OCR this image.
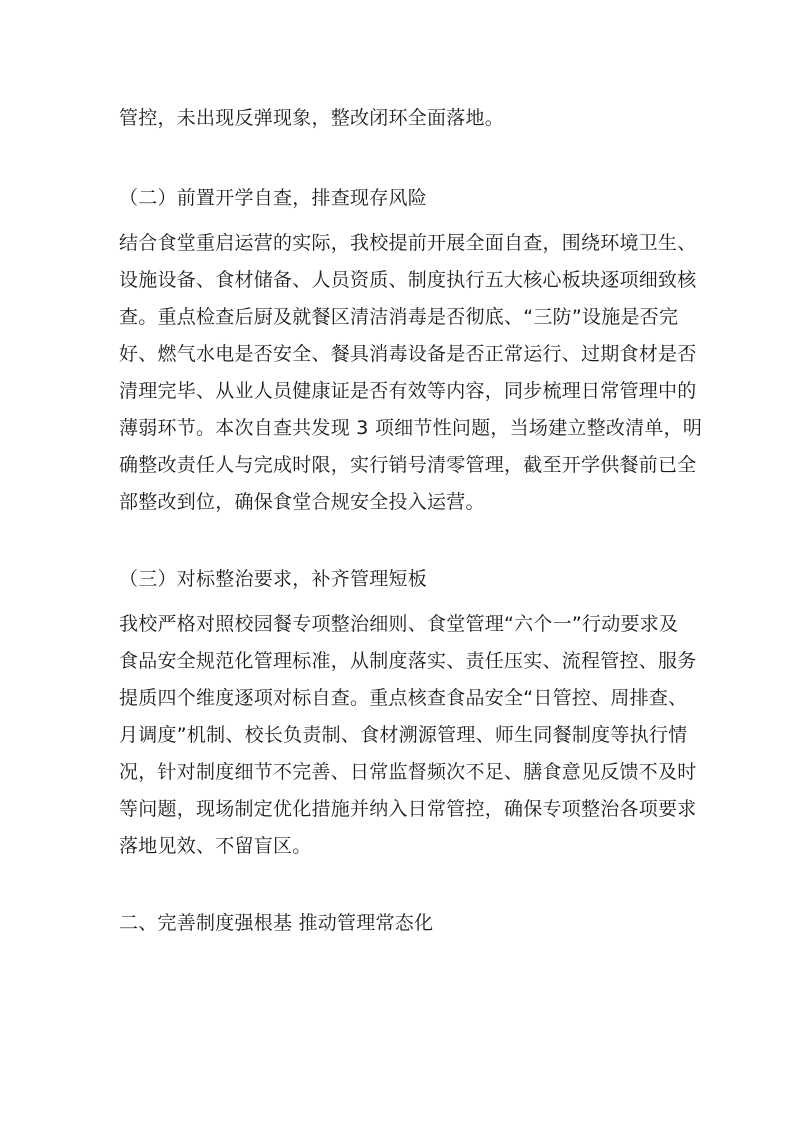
管控，未出现反弹现象，整改闭环全面落地。
（二）前置开学自查，排查现存风险
结合食堂重启运营的实际，我校提前开展全面自查，围绕环境卫生、
设施设备、食材储备、人员资质、制度执行五大核心板块逐项细致核
查。重点检查后厨及就餐区清洁消毒是否彻底、“三防”设施是否完
好、燃气水电是否安全、餐具消毒设备是否正常运行、过期食材是否
清理完毕、从业人员健康证是否有效等内容，同步梳理日常管理中的
薄弱环节。本次自查共发现 3 项细节性问题，当场建立整改清单，明
确整改责任人与完成时限，实行销号清零管理，截至开学供餐前已全
部整改到位，确保食堂合规安全投入运营。
（三）对标整治要求，补齐管理短板
我校严格对照校园餐专项整治细则、食堂管理“六个一”行动要求及
食品安全规范化管理标准，从制度落实、责任压实、流程管控、服务
提质四个维度逐项对标自查。重点核查食品安全“日管控、周排查、
月调度”机制、校长负责制、食材溯源管理、师生同餐制度等执行情
况，针对制度细节不完善、日常监督频次不足、膳食意见反馈不及时
等问题，现场制定优化措施并纳入日常管控，确保专项整治各项要求
落地见效、不留盲区。
二、完善制度强根基 推动管理常态化
